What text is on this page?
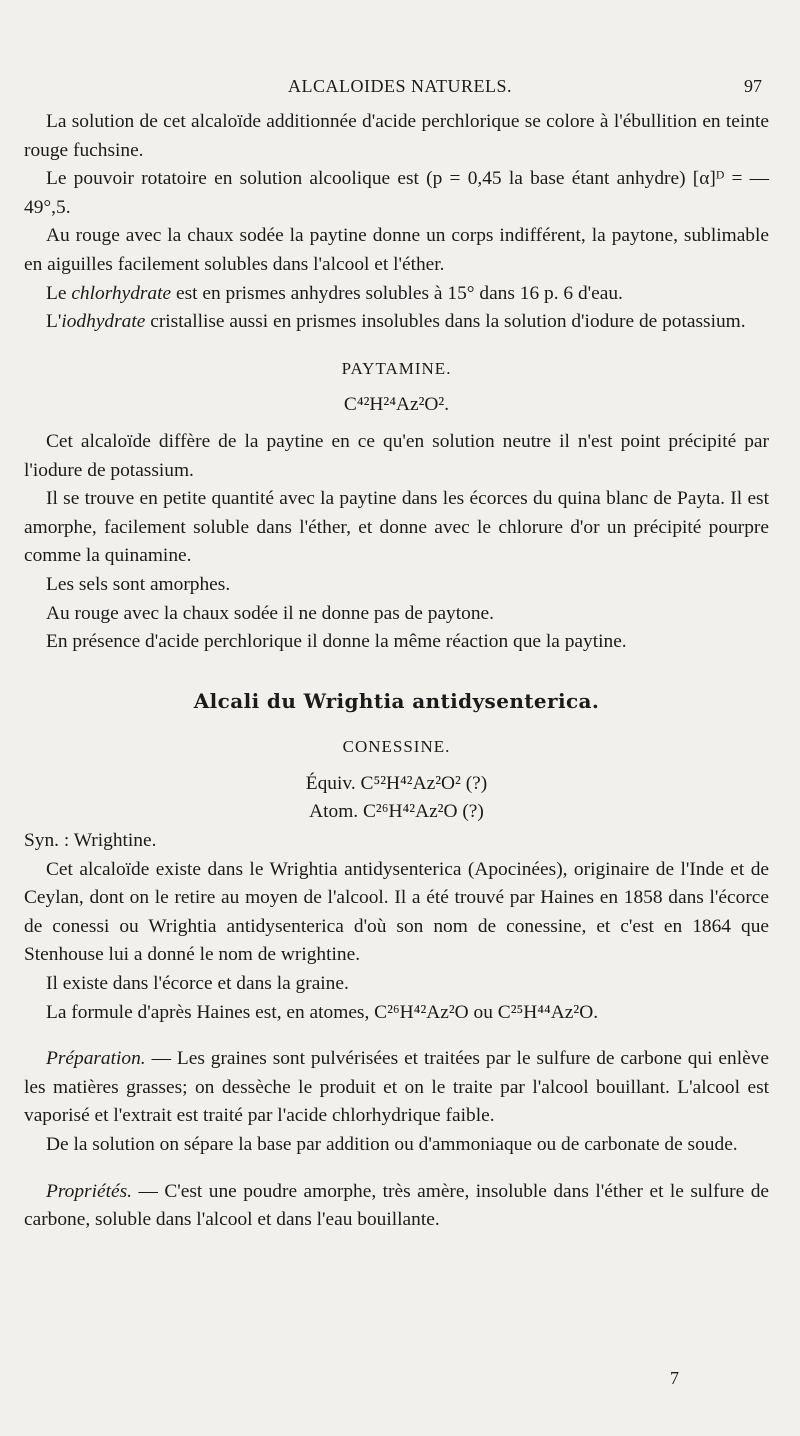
ALCALOIDES NATURELS.	97

La solution de cet alcaloïde additionnée d'acide perchlorique se colore à l'ébullition en teinte rouge fuchsine.

Le pouvoir rotatoire en solution alcoolique est (p = 0,45 la base étant anhydre) [α]ᴰ = — 49°,5.

Au rouge avec la chaux sodée la paytine donne un corps indifférent, la paytone, sublimable en aiguilles facilement solubles dans l'alcool et l'éther.

Le chlorhydrate est en prismes anhydres solubles à 15° dans 16 p. 6 d'eau.

L'iodhydrate cristallise aussi en prismes insolubles dans la solution d'iodure de potassium.

PAYTAMINE.

C⁴²H²⁴Az²O².

Cet alcaloïde diffère de la paytine en ce qu'en solution neutre il n'est point précipité par l'iodure de potassium.

Il se trouve en petite quantité avec la paytine dans les écorces du quina blanc de Payta. Il est amorphe, facilement soluble dans l'éther, et donne avec le chlorure d'or un précipité pourpre comme la quinamine.

Les sels sont amorphes.

Au rouge avec la chaux sodée il ne donne pas de paytone.

En présence d'acide perchlorique il donne la même réaction que la paytine.

Alcali du Wrightia antidysenterica.

CONESSINE.

Équiv. C⁵²H⁴²Az²O² (?)

Atom. C²⁶H⁴²Az²O (?)

Syn. : Wrightine.

Cet alcaloïde existe dans le Wrightia antidysenterica (Apocinées), originaire de l'Inde et de Ceylan, dont on le retire au moyen de l'alcool. Il a été trouvé par Haines en 1858 dans l'écorce de conessi ou Wrightia antidysenterica d'où son nom de conessine, et c'est en 1864 que Stenhouse lui a donné le nom de wrightine.

Il existe dans l'écorce et dans la graine.

La formule d'après Haines est, en atomes, C²⁶H⁴²Az²O ou C²⁵H⁴⁴Az²O.

Préparation. — Les graines sont pulvérisées et traitées par le sulfure de carbone qui enlève les matières grasses; on dessèche le produit et on le traite par l'alcool bouillant. L'alcool est vaporisé et l'extrait est traité par l'acide chlorhydrique faible.

De la solution on sépare la base par addition ou d'ammoniaque ou de carbonate de soude.

Propriétés. — C'est une poudre amorphe, très amère, insoluble dans l'éther et le sulfure de carbone, soluble dans l'alcool et dans l'eau bouillante.

7
